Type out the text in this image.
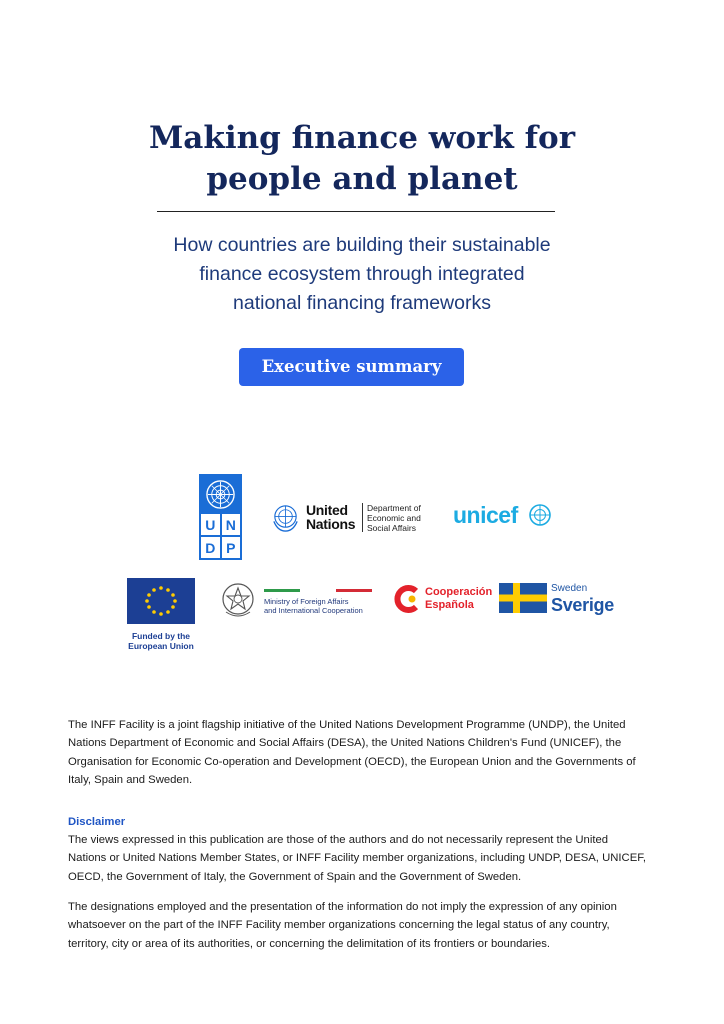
Making finance work for
people and planet

How countries are building their sustainable
finance ecosystem through integrated
national financing frameworks

Executive summary
U N
D P
United
Nations
Department of
Economic and
Social Affairs unicef
Funded by the
European Union
Ministry of Foreign Affairs
and International Cooperation
Cooperación
Española
Sweden
Sverige

The INFF Facility is a joint flagship initiative of the United Nations Development Programme (UNDP), the United
Nations Department of Economic and Social Affairs (DESA), the United Nations Children's Fund (UNICEF), the
Organisation for Economic Co-operation and Development (OECD), the European Union and the Governments of
Italy, Spain and Sweden.

Disclaimer

The views expressed in this publication are those of the authors and do not necessarily represent the United
Nations or United Nations Member States, or INFF Facility member organizations, including UNDP, DESA, UNICEF,
OECD, the Government of Italy, the Government of Spain and the Government of Sweden.

The designations employed and the presentation of the information do not imply the expression of any opinion
whatsoever on the part of the INFF Facility member organizations concerning the legal status of any country,
territory, city or area of its authorities, or concerning the delimitation of its frontiers or boundaries.
